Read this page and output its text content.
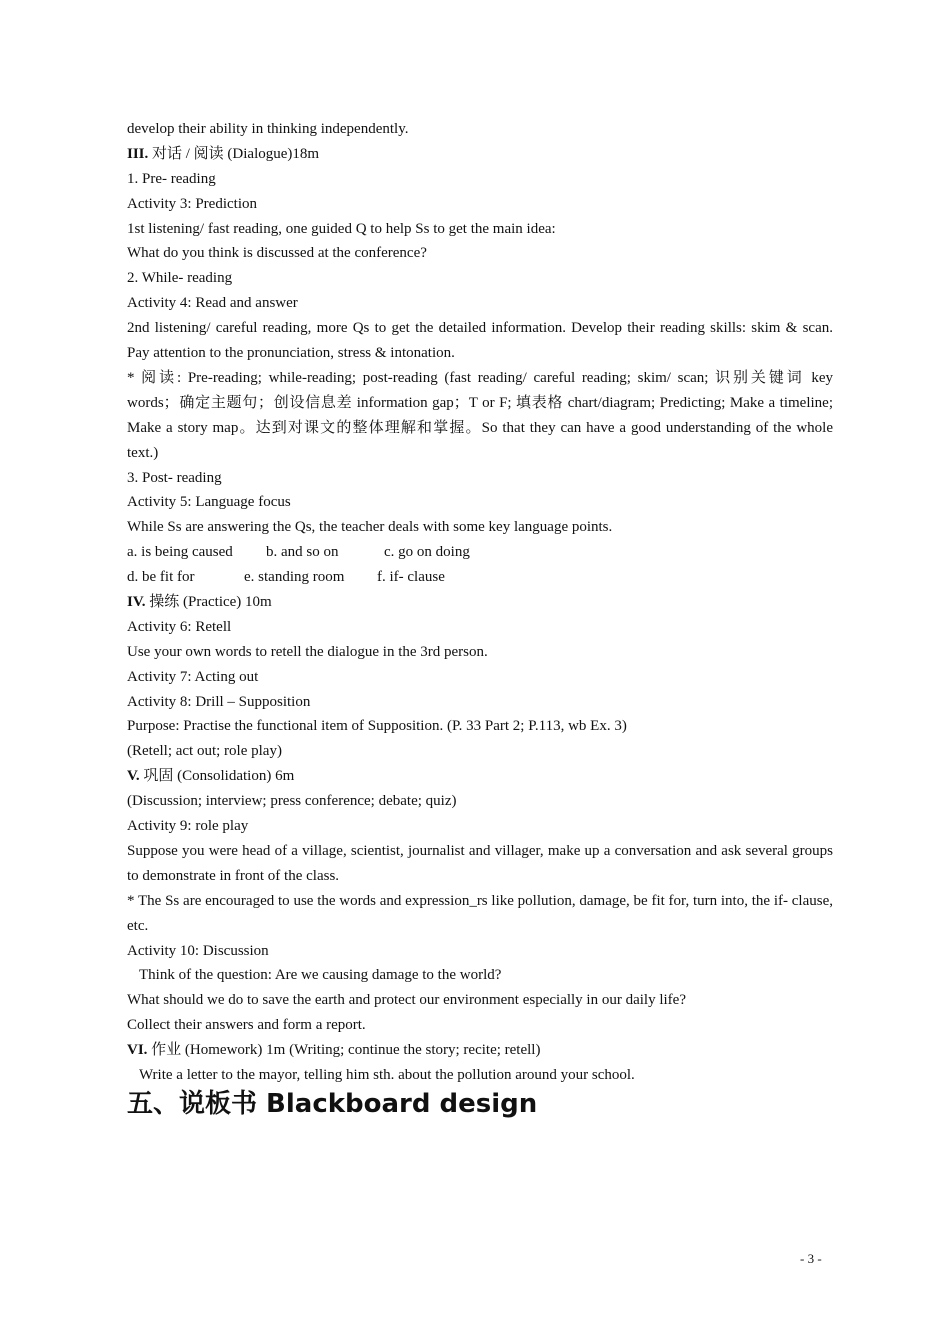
develop their ability in thinking independently.
III. 对话 / 阅读 (Dialogue)18m
1. Pre- reading
Activity 3: Prediction
1st listening/ fast reading, one guided Q to help Ss to get the main idea:
What do you think is discussed at the conference?
2. While- reading
Activity 4: Read and answer
2nd listening/ careful reading, more Qs to get the detailed information. Develop their reading skills: skim & scan. Pay attention to the pronunciation, stress & intonation.
* 阅读: Pre-reading; while-reading; post-reading (fast reading/ careful reading; skim/ scan; 识别关键词 key words；确定主题句；创设信息差 information gap；T or F; 填表格 chart/diagram; Predicting; Make a timeline; Make a story map。达到对课文的整体理解和掌握。So that they can have a good understanding of the whole text.)
3. Post- reading
Activity 5: Language focus
While Ss are answering the Qs, the teacher deals with some key language points.
a. is being caused b. and so on	c. go on doing
d. be fit for	e. standing room f. if- clause
IV. 操练 (Practice) 10m
Activity 6: Retell
Use your own words to retell the dialogue in the 3rd person.
Activity 7: Acting out
Activity 8: Drill – Supposition
Purpose: Practise the functional item of Supposition. (P. 33 Part 2; P.113, wb Ex. 3)
(Retell; act out; role play)
V. 巩固 (Consolidation) 6m
(Discussion; interview; press conference; debate; quiz)
Activity 9: role play
Suppose you were head of a village, scientist, journalist and villager, make up a conversation and ask several groups to demonstrate in front of the class.
* The Ss are encouraged to use the words and expression_rs like pollution, damage, be fit for, turn into, the if- clause, etc.
Activity 10: Discussion
Think of the question: Are we causing damage to the world?
What should we do to save the earth and protect our environment especially in our daily life?
Collect their answers and form a report.
VI. 作业 (Homework) 1m (Writing; continue the story; recite; retell)
Write a letter to the mayor, telling him sth. about the pollution around your school.
五、说板书 Blackboard design
- 3 -
